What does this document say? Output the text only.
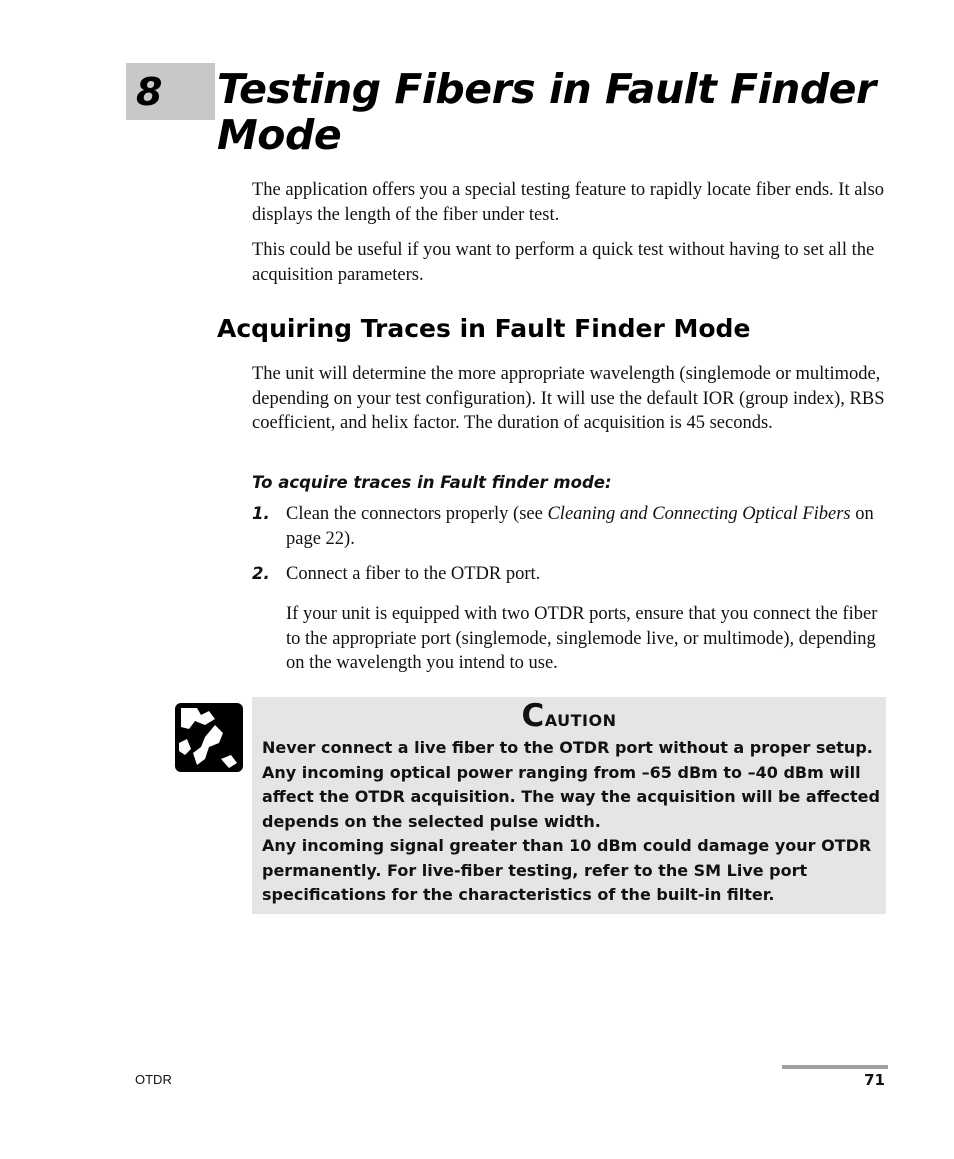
8 Testing Fibers in Fault Finder Mode

The application offers you a special testing feature to rapidly locate fiber ends. It also displays the length of the fiber under test.

This could be useful if you want to perform a quick test without having to set all the acquisition parameters.

Acquiring Traces in Fault Finder Mode

The unit will determine the more appropriate wavelength (singlemode or multimode, depending on your test configuration). It will use the default IOR (group index), RBS coefficient, and helix factor. The duration of acquisition is 45 seconds.

To acquire traces in Fault finder mode:
1. Clean the connectors properly (see Cleaning and Connecting Optical Fibers on page 22).

2. Connect a fiber to the OTDR port.

If your unit is equipped with two OTDR ports, ensure that you connect the fiber to the appropriate port (singlemode, singlemode live, or multimode), depending on the wavelength you intend to use.

Caution

Never connect a live fiber to the OTDR port without a proper setup. Any incoming optical power ranging from –65 dBm to –40 dBm will affect the OTDR acquisition. The way the acquisition will be affected depends on the selected pulse width.

Any incoming signal greater than 10 dBm could damage your OTDR permanently. For live-fiber testing, refer to the SM Live port specifications for the characteristics of the built-in filter.

OTDR	71
